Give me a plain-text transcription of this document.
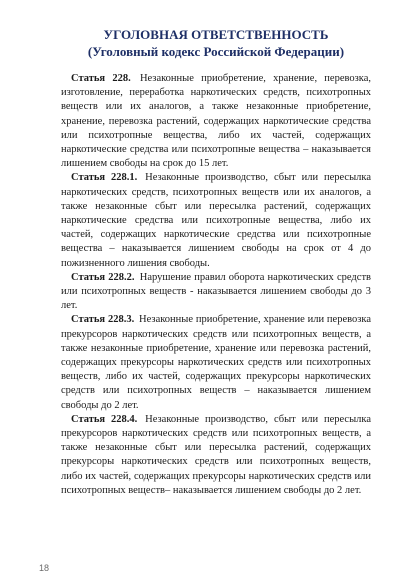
УГОЛОВНАЯ ОТВЕТСТВЕННОСТЬ
(Уголовный кодекс Российской Федерации)

Статья 228. Незаконные приобретение, хранение, перевозка, изготовление, переработка наркотических средств, психотропных веществ или их аналогов, а также незаконные приобретение, хранение, перевозка растений, содержащих наркотические средства или психотропные вещества, либо их частей, содержащих наркотические средства или психотропные вещества – наказывается лишением свободы на срок до 15 лет.

Статья 228.1. Незаконные производство, сбыт или пересылка наркотических средств, психотропных веществ или их аналогов, а также незаконные сбыт или пересылка растений, содержащих наркотические средства или психотропные вещества, либо их частей, содержащих наркотические средства или психотропные вещества – наказывается лишением свободы на срок от 4 до пожизненного лишения свободы.

Статья 228.2. Нарушение правил оборота наркотических средств или психотропных веществ - наказывается лишением свободы до 3 лет.

Статья 228.3. Незаконные приобретение, хранение или перевозка прекурсоров наркотических средств или психотропных веществ, а также незаконные приобретение, хранение или перевозка растений, содержащих прекурсоры наркотических средств или психотропных веществ, либо их частей, содержащих прекурсоры наркотических средств или психотропных веществ – наказывается лишением свободы до 2 лет.

Статья 228.4. Незаконные производство, сбыт или пересылка прекурсоров наркотических средств или психотропных веществ, а также незаконные сбыт или пересылка растений, содержащих прекурсоры наркотических средств или психотропных веществ, либо их частей, содержащих прекурсоры наркотических средств или психотропных веществ– наказывается лишением свободы до 2 лет.

18
